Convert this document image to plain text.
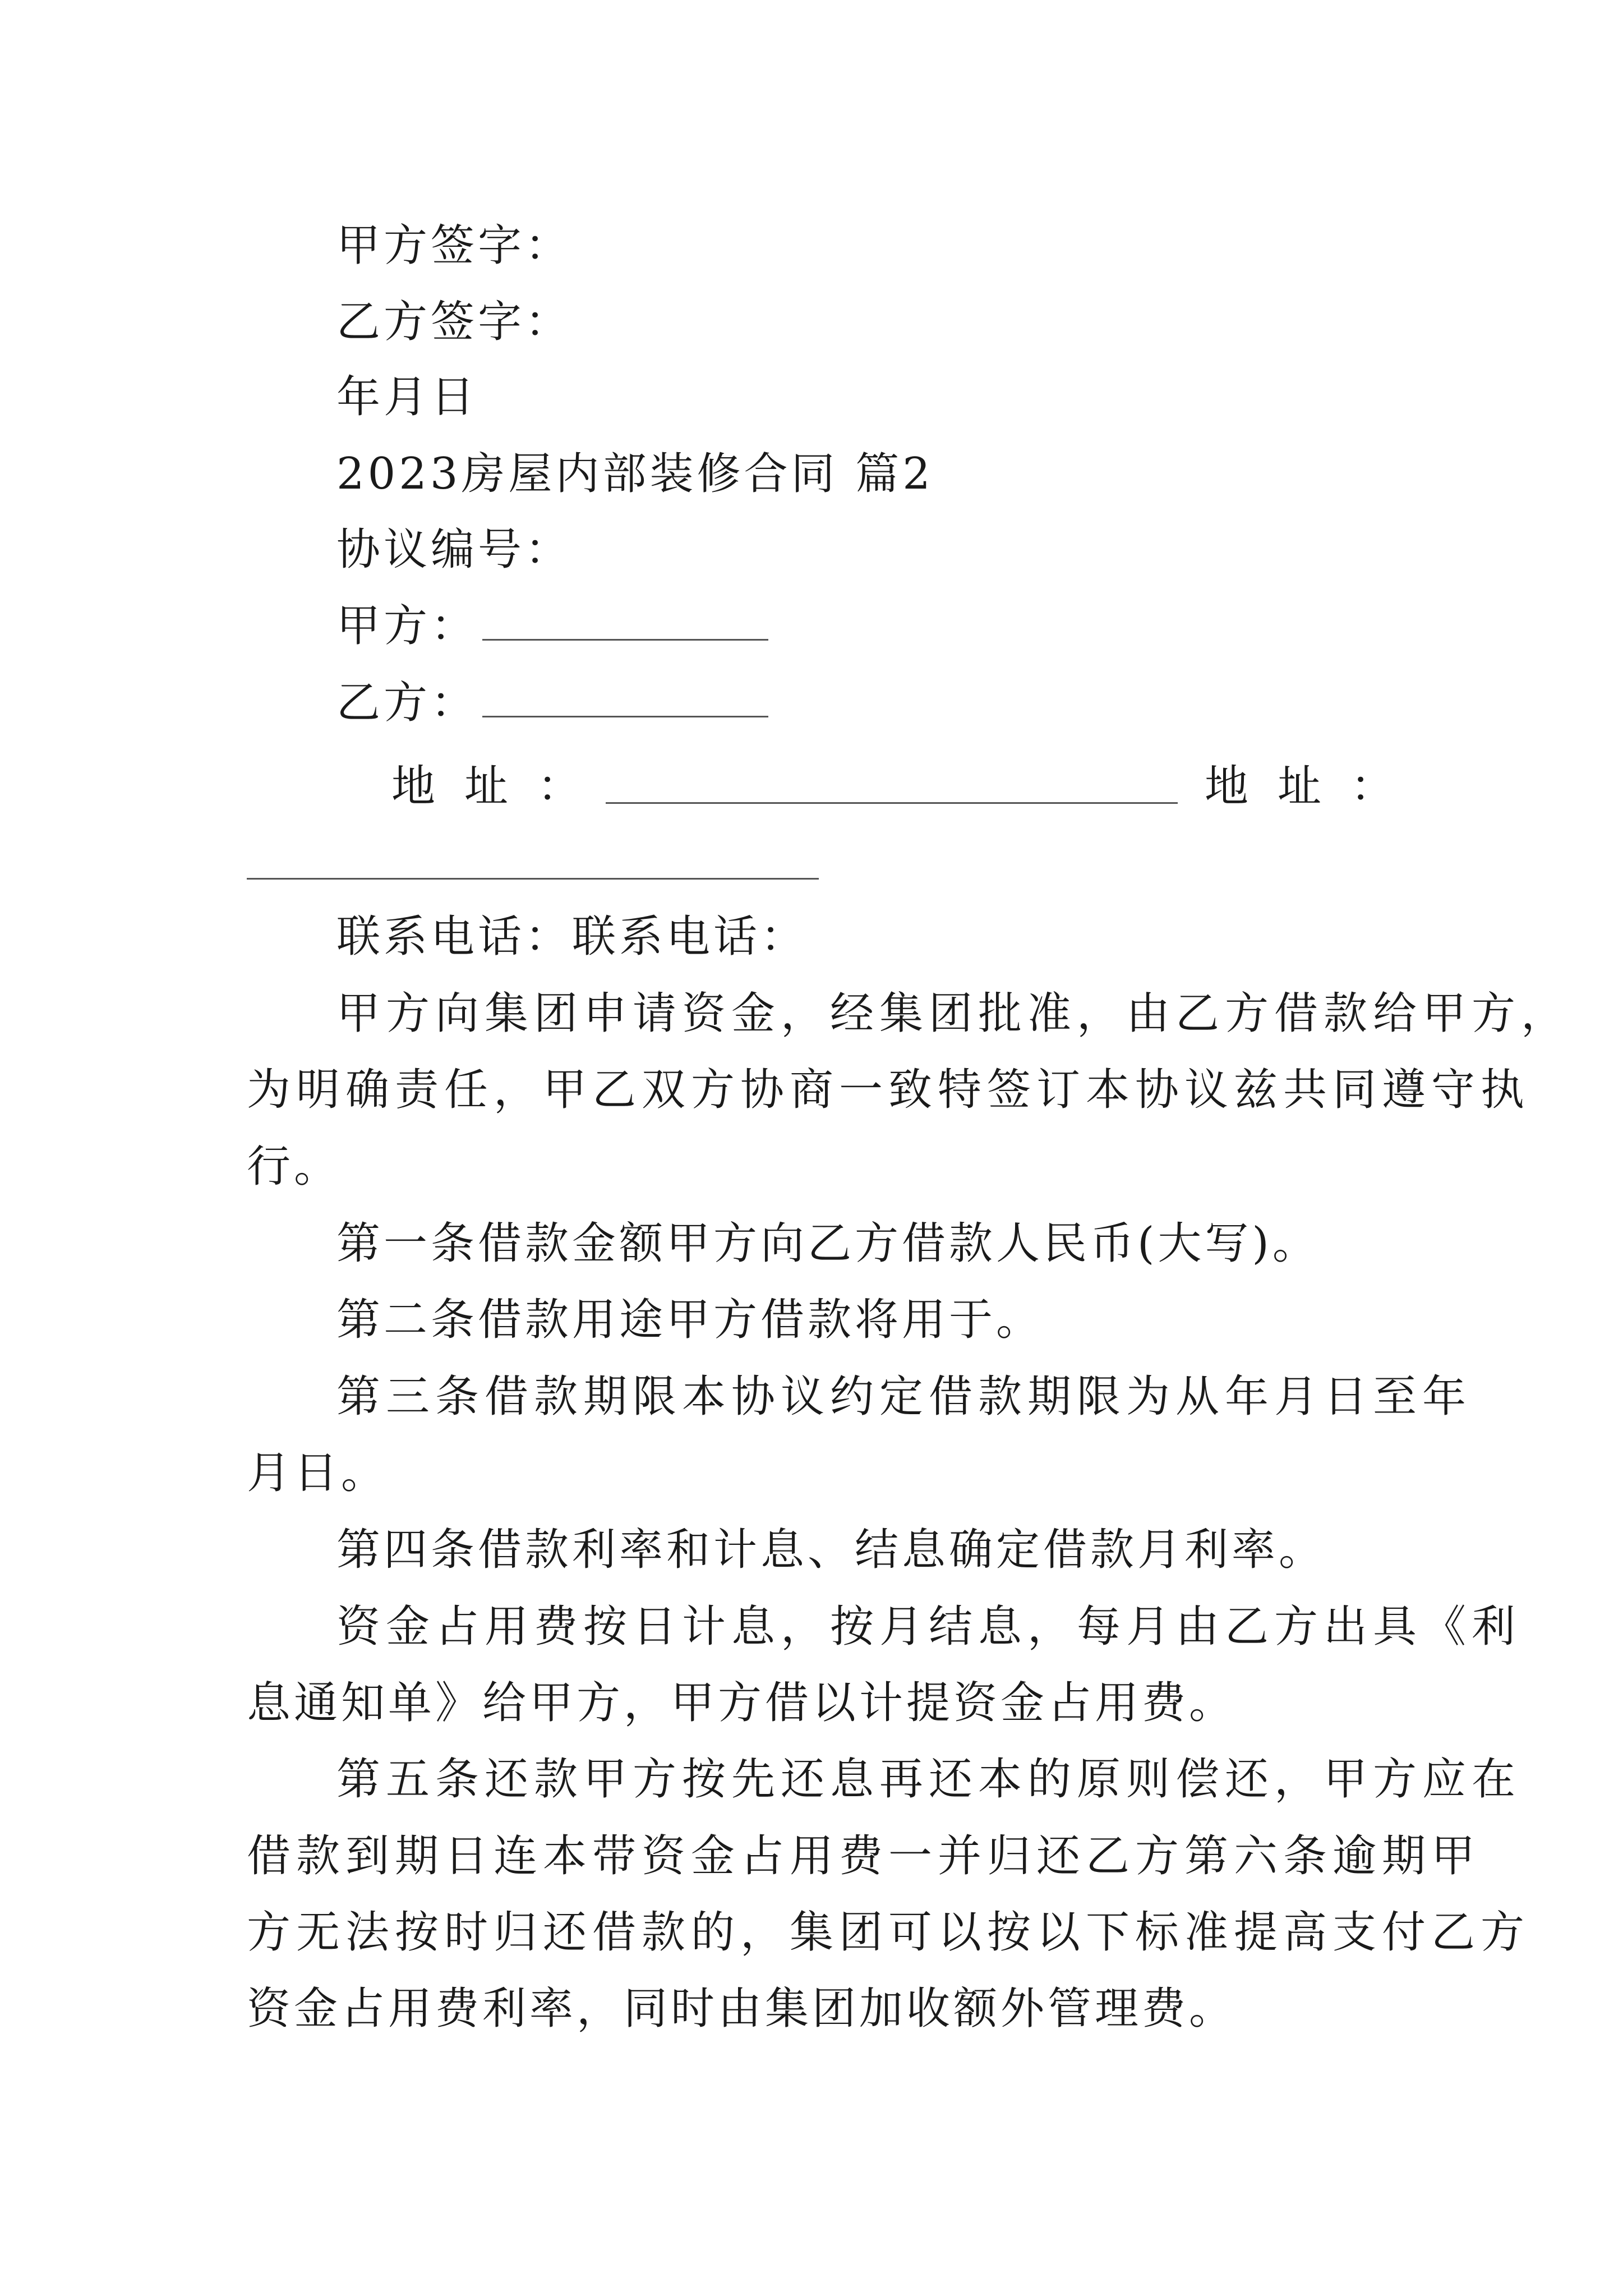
甲方签字：
乙方签字：
年月日
2023房屋内部装修合同 篇2
协议编号：
甲方：
乙方：
地址：	地址：
联系电话：联系电话：
甲方向集团申请资金，经集团批准，由乙方借款给甲方，
为明确责任，甲乙双方协商一致特签订本协议兹共同遵守执
行。
第一条借款金额甲方向乙方借款人民币(大写)。
第二条借款用途甲方借款将用于。
第三条借款期限本协议约定借款期限为从年月日至年
月日。
第四条借款利率和计息、结息确定借款月利率。
资金占用费按日计息，按月结息，每月由乙方出具《利
息通知单》给甲方，甲方借以计提资金占用费。
第五条还款甲方按先还息再还本的原则偿还，甲方应在
借款到期日连本带资金占用费一并归还乙方第六条逾期甲
方无法按时归还借款的，集团可以按以下标准提高支付乙方
资金占用费利率，同时由集团加收额外管理费。
